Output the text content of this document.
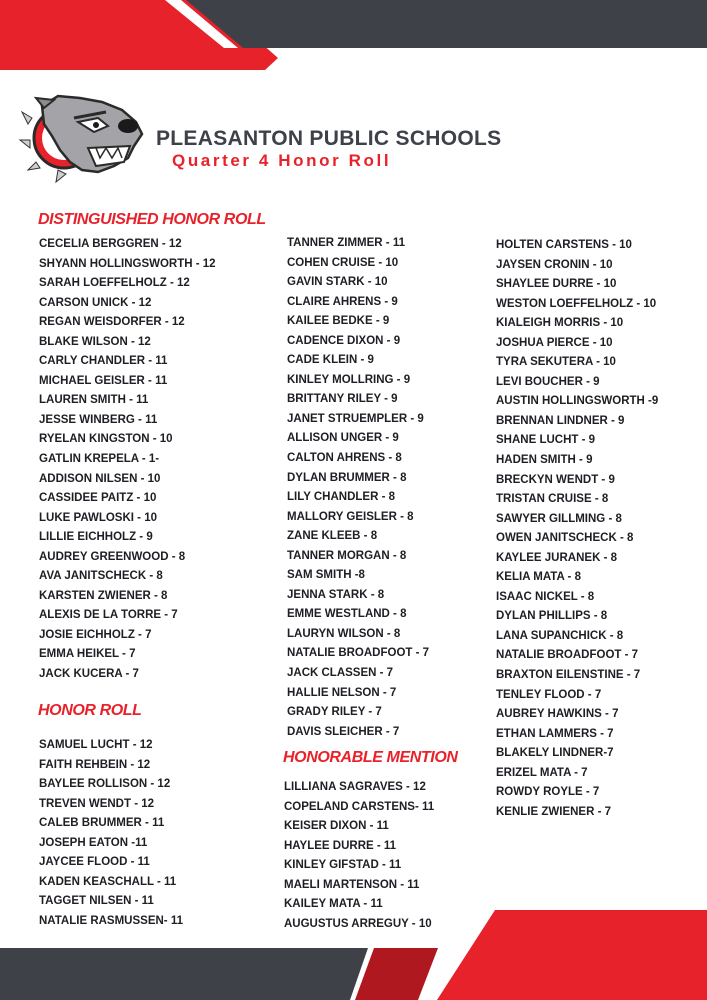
PLEASANTON PUBLIC SCHOOLS
Quarter 4 Honor Roll
DISTINGUISHED HONOR ROLL
HONOR ROLL
HONORABLE MENTION
CECELIA BERGGREN - 12
SHYANN HOLLINGSWORTH - 12
SARAH LOEFFELHOLZ - 12
CARSON UNICK - 12
REGAN WEISDORFER - 12
BLAKE WILSON - 12
CARLY CHANDLER - 11
MICHAEL GEISLER - 11
LAUREN SMITH - 11
JESSE WINBERG - 11
RYELAN KINGSTON - 10
GATLIN KREPELA - 1-
ADDISON NILSEN - 10
CASSIDEE PAITZ - 10
LUKE PAWLOSKI - 10
LILLIE EICHHOLZ - 9
AUDREY GREENWOOD - 8
AVA JANITSCHECK - 8
KARSTEN ZWIENER - 8
ALEXIS DE LA TORRE - 7
JOSIE EICHHOLZ - 7
EMMA HEIKEL - 7
JACK KUCERA - 7
TANNER ZIMMER - 11
COHEN CRUISE - 10
GAVIN STARK - 10
CLAIRE AHRENS - 9
KAILEE BEDKE - 9
CADENCE DIXON - 9
CADE KLEIN - 9
KINLEY MOLLRING - 9
BRITTANY RILEY - 9
JANET STRUEMPLER - 9
ALLISON UNGER - 9
CALTON AHRENS - 8
DYLAN BRUMMER - 8
LILY CHANDLER - 8
MALLORY GEISLER - 8
ZANE KLEEB - 8
TANNER MORGAN - 8
SAM SMITH -8
JENNA STARK - 8
EMME WESTLAND - 8
LAURYN WILSON - 8
NATALIE BROADFOOT - 7
JACK CLASSEN - 7
HALLIE NELSON - 7
GRADY RILEY - 7
DAVIS SLEICHER - 7
HOLTEN CARSTENS - 10
JAYSEN CRONIN - 10
SHAYLEE DURRE - 10
WESTON LOEFFELHOLZ - 10
KIALEIGH MORRIS - 10
JOSHUA PIERCE - 10
TYRA SEKUTERA - 10
LEVI BOUCHER - 9
AUSTIN HOLLINGSWORTH -9
BRENNAN LINDNER - 9
SHANE LUCHT - 9
HADEN SMITH - 9
BRECKYN WENDT - 9
TRISTAN CRUISE - 8
SAWYER GILLMING - 8
OWEN JANITSCHECK - 8
KAYLEE JURANEK - 8
KELIA MATA - 8
ISAAC NICKEL - 8
DYLAN PHILLIPS - 8
LANA SUPANCHICK - 8
NATALIE BROADFOOT - 7
BRAXTON EILENSTINE - 7
TENLEY FLOOD - 7
AUBREY HAWKINS - 7
ETHAN LAMMERS - 7
BLAKELY LINDNER-7
ERIZEL MATA - 7
ROWDY ROYLE - 7
KENLIE ZWIENER - 7
SAMUEL LUCHT - 12
FAITH REHBEIN - 12
BAYLEE ROLLISON - 12
TREVEN WENDT - 12
CALEB BRUMMER - 11
JOSEPH EATON -11
JAYCEE FLOOD - 11
KADEN KEASCHALL - 11
TAGGET NILSEN - 11
NATALIE RASMUSSEN- 11
LILLIANA SAGRAVES - 12
COPELAND CARSTENS- 11
KEISER DIXON - 11
HAYLEE DURRE - 11
KINLEY GIFSTAD - 11
MAELI MARTENSON - 11
KAILEY MATA - 11
AUGUSTUS ARREGUY - 10
